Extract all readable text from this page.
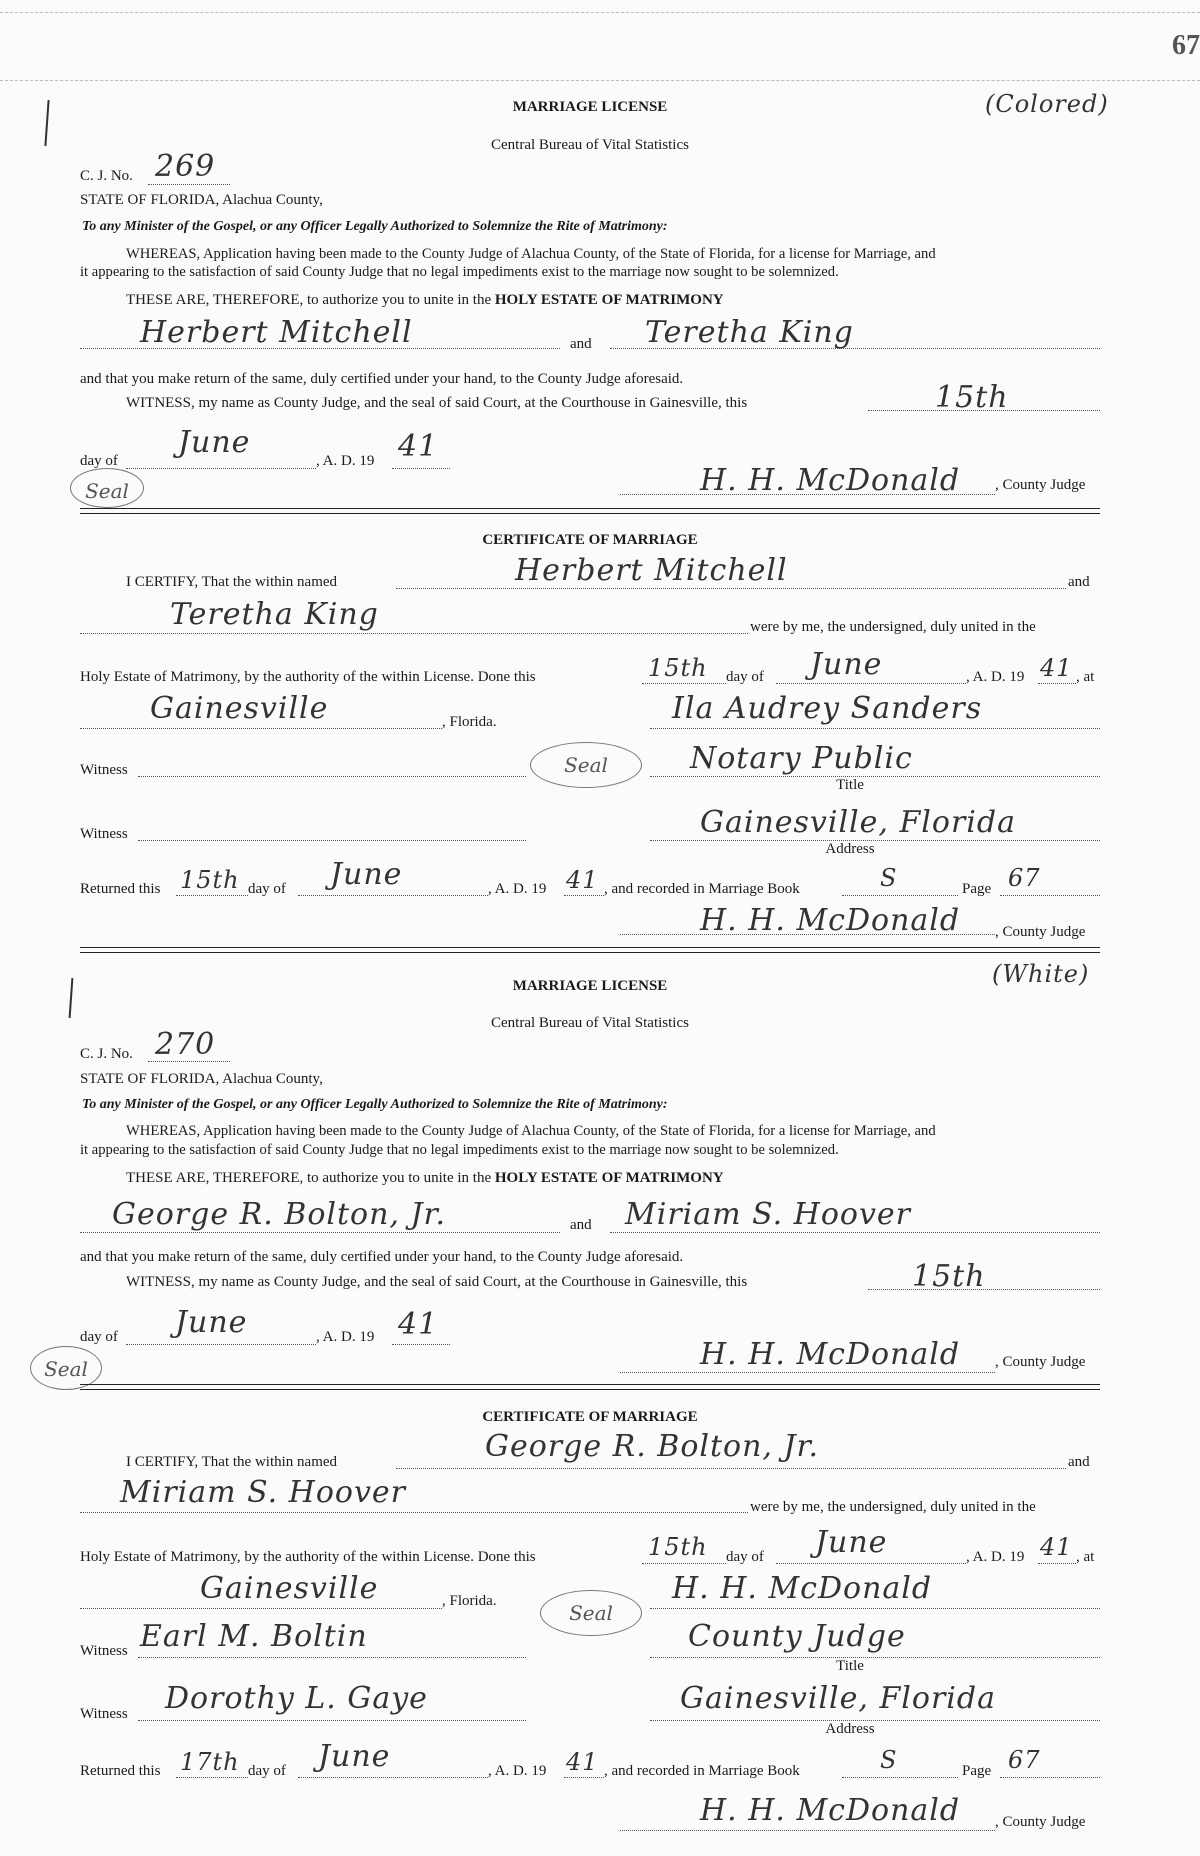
67
MARRIAGE LICENSE	(Colored)
Central Bureau of Vital Statistics
C. J. No. 269
STATE OF FLORIDA, Alachua County,
To any Minister of the Gospel, or any Officer Legally Authorized to Solemnize the Rite of Matrimony:
WHEREAS, Application having been made to the County Judge of Alachua County, of the State of Florida, for a license for Marriage, and
it appearing to the satisfaction of said County Judge that no legal impediments exist to the marriage now sought to be solemnized.
THESE ARE, THEREFORE, to authorize you to unite in the HOLY ESTATE OF MATRIMONY
Herbert Mitchell	and Teretha King
and that you make return of the same, duly certified under your hand, to the County Judge aforesaid.
WITNESS, my name as County Judge, and the seal of said Court, at the Courthouse in Gainesville, this	15th
day of
June
, A. D. 19 41
Seal	H. H. McDonald , County Judge
CERTIFICATE OF MARRIAGE
I CERTIFY, That the within named	Herbert Mitchell	and
Teretha King	were by me, the undersigned, duly united in the
Holy Estate of Matrimony, by the authority of the within License. Done this	15th day of June	, A. D. 19 41 , at
Gainesville	, Florida.	Ila Audrey Sanders
Seal
Witness	Notary Public
Title
Witness	Gainesville, Florida
Address
Returned this 15th day of June	, A. D. 19 41 , and recorded in Marriage Book	S	Page 67
H. H. McDonald , County Judge
MARRIAGE LICENSE	(White)
Central Bureau of Vital Statistics
C. J. No. 270
STATE OF FLORIDA, Alachua County,
To any Minister of the Gospel, or any Officer Legally Authorized to Solemnize the Rite of Matrimony:
WHEREAS, Application having been made to the County Judge of Alachua County, of the State of Florida, for a license for Marriage, and
it appearing to the satisfaction of said County Judge that no legal impediments exist to the marriage now sought to be solemnized.
THESE ARE, THEREFORE, to authorize you to unite in the HOLY ESTATE OF MATRIMONY
George R. Bolton, Jr.	and Miriam S. Hoover
and that you make return of the same, duly certified under your hand, to the County Judge aforesaid.
WITNESS, my name as County Judge, and the seal of said Court, at the Courthouse in Gainesville, this	15th
day of June	, A. D. 19 41
Seal	H. H. McDonald , County Judge
CERTIFICATE OF MARRIAGE
I CERTIFY, That the within named	George R. Bolton, Jr.	and
Miriam S. Hoover	were by me, the undersigned, duly united in the
Holy Estate of Matrimony, by the authority of the within License. Done this	15th day of June	, A. D. 19 41 , at
Gainesville	, Florida.	H. H. McDonald
Seal
Witness Earl M. Boltin	County Judge
Title
Witness Dorothy L. Gaye	Gainesville, Florida
Address
Returned this 17th day of June	, A. D. 19 41 , and recorded in Marriage Book	S	Page 67
H. H. McDonald , County Judge
